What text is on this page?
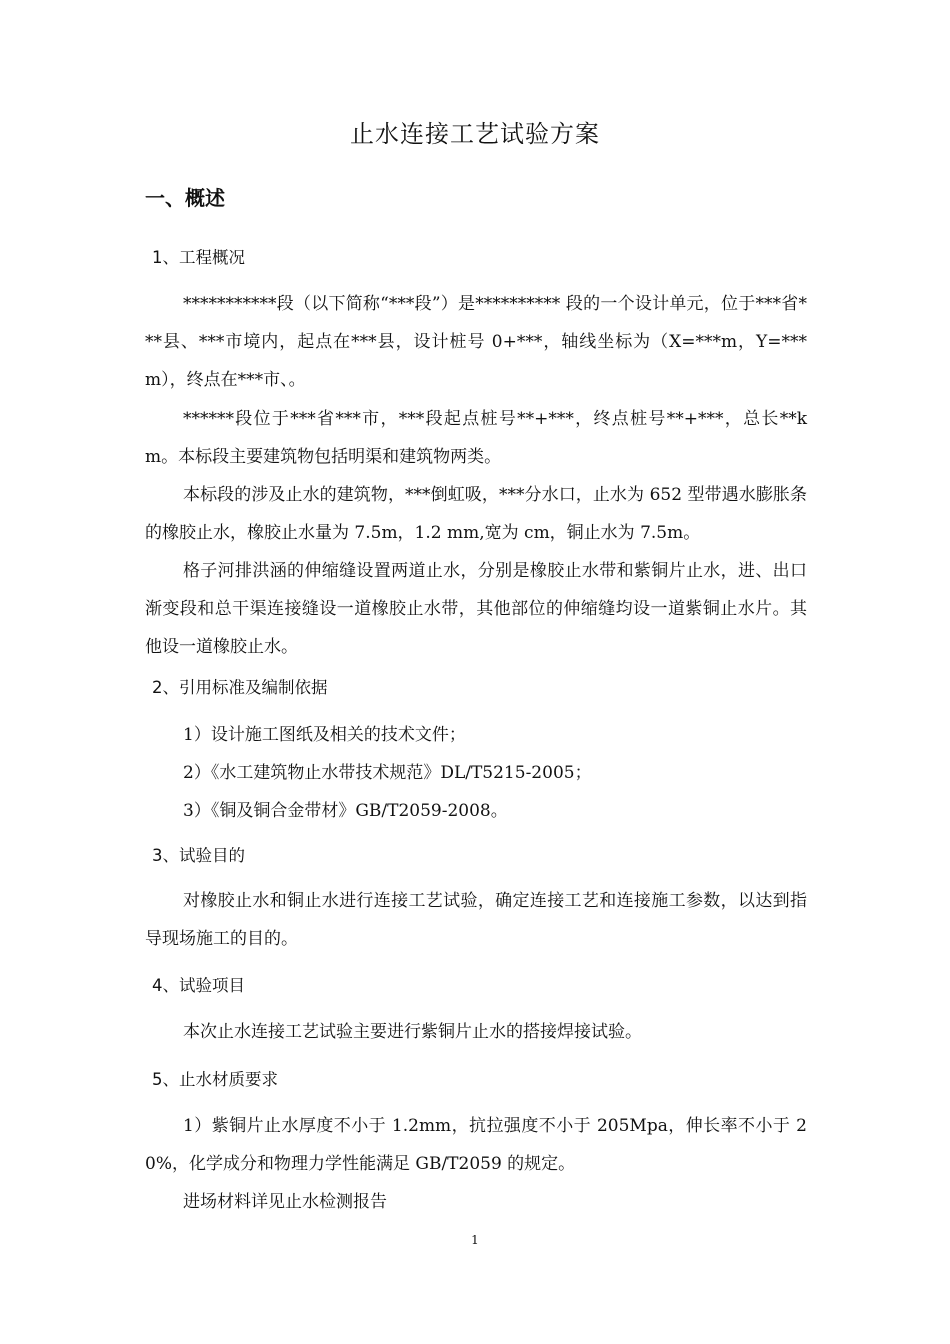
止水连接工艺试验方案
一、概述
1、工程概况

***********段（以下简称“***段”）是********** 段的一个设计单元，位于***省***县、***市境内，起点在***县，设计桩号 0+***，轴线坐标为（X=***m，Y=***m），终点在***市、。

******段位于***省***市，***段起点桩号**+***，终点桩号**+***，总长**km。本标段主要建筑物包括明渠和建筑物两类。

本标段的涉及止水的建筑物，***倒虹吸，***分水口，止水为 652 型带遇水膨胀条的橡胶止水，橡胶止水量为 7.5m，1.2 mm,宽为 cm，铜止水为 7.5m。

格子河排洪涵的伸缩缝设置两道止水，分别是橡胶止水带和紫铜片止水，进、出口渐变段和总干渠连接缝设一道橡胶止水带，其他部位的伸缩缝均设一道紫铜止水片。其他设一道橡胶止水。

2、引用标准及编制依据

1）设计施工图纸及相关的技术文件；

2）《水工建筑物止水带技术规范》DL/T5215-2005；

3）《铜及铜合金带材》GB/T2059-2008。

3、试验目的

对橡胶止水和铜止水进行连接工艺试验，确定连接工艺和连接施工参数，以达到指导现场施工的目的。

4、试验项目

本次止水连接工艺试验主要进行紫铜片止水的搭接焊接试验。

5、止水材质要求

1）紫铜片止水厚度不小于 1.2mm，抗拉强度不小于 205Mpa，伸长率不小于 20%，化学成分和物理力学性能满足 GB/T2059 的规定。

进场材料详见止水检测报告

1
